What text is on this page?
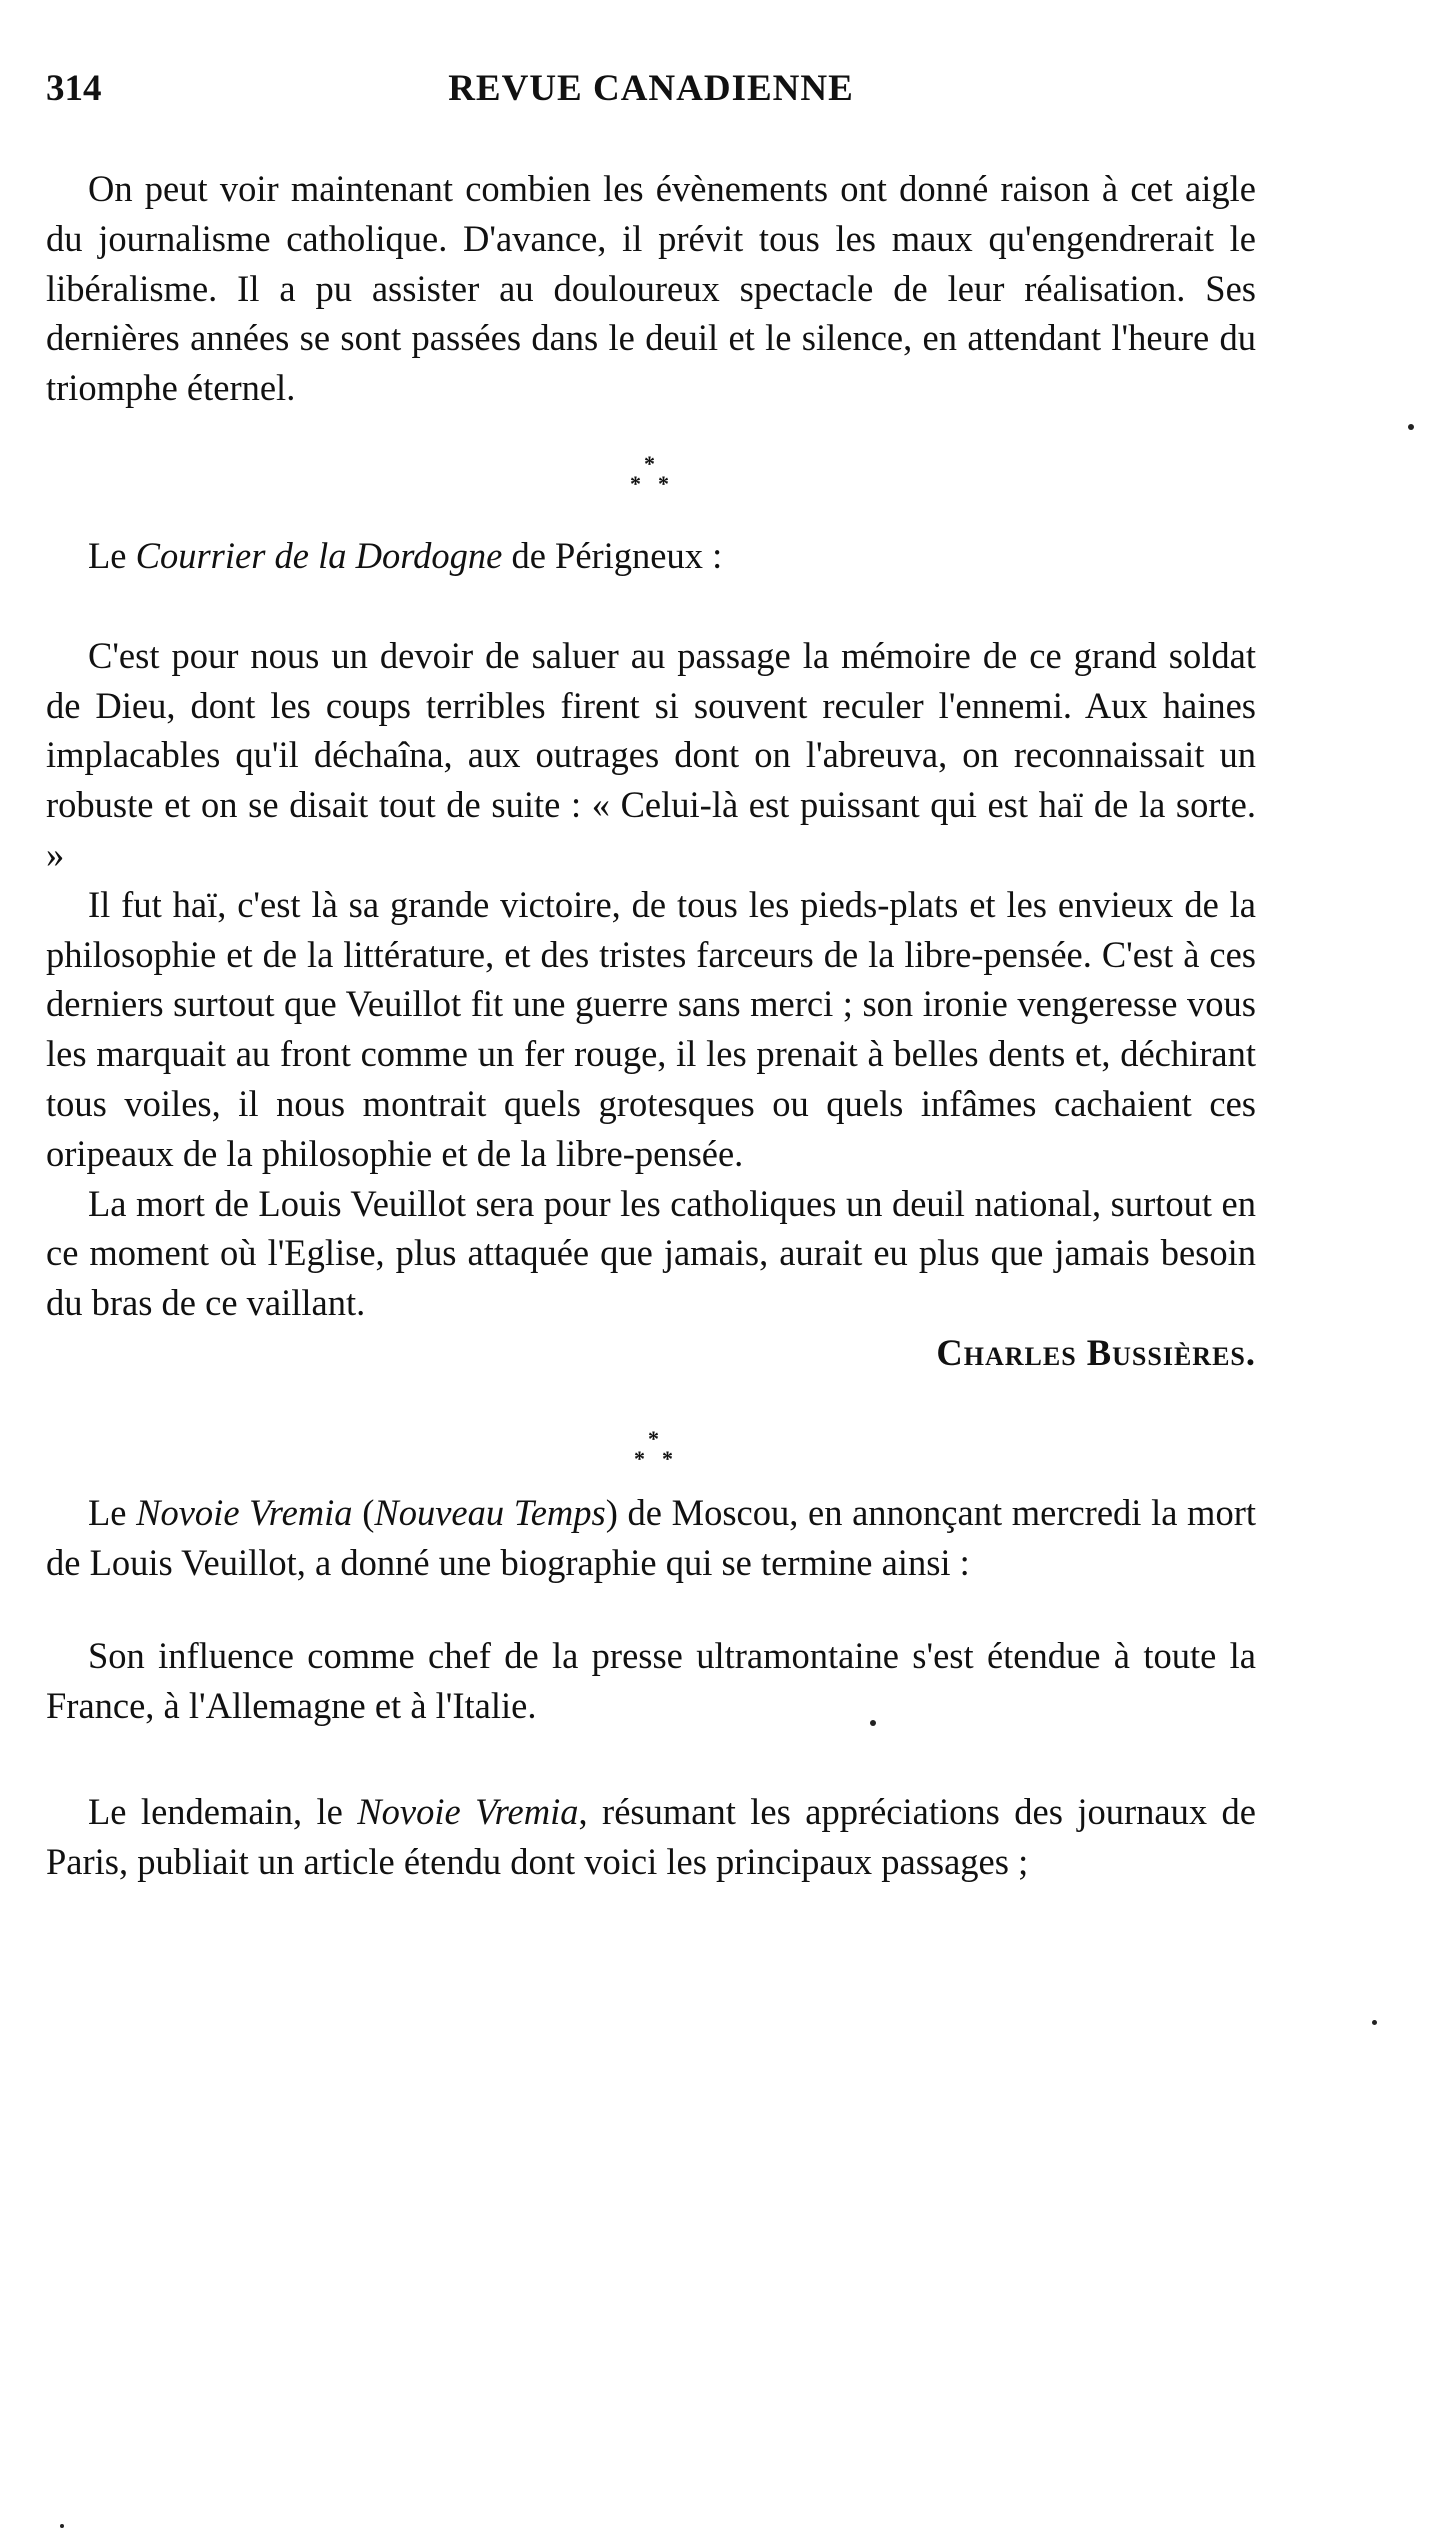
314	REVUE CANADIENNE

On peut voir maintenant combien les évènements ont donné raison à cet aigle du journalisme catholique. D'avance, il prévit tous les maux qu'engendrerait le libéralisme. Il a pu assister au douloureux spectacle de leur réalisation. Ses dernières années se sont passées dans le deuil et le silence, en attendant l'heure du triomphe éternel.

*
* *

Le Courrier de la Dordogne de Périgneux :

C'est pour nous un devoir de saluer au passage la mémoire de ce grand soldat de Dieu, dont les coups terribles firent si souvent reculer l'ennemi. Aux haines implacables qu'il déchaîna, aux outrages dont on l'abreuva, on reconnaissait un robuste et on se disait tout de suite : « Celui-là est puissant qui est haï de la sorte. »

Il fut haï, c'est là sa grande victoire, de tous les pieds-plats et les envieux de la philosophie et de la littérature, et des tristes farceurs de la libre-pensée. C'est à ces derniers surtout que Veuillot fit une guerre sans merci ; son ironie vengeresse vous les marquait au front comme un fer rouge, il les prenait à belles dents et, déchirant tous voiles, il nous montrait quels grotesques ou quels infâmes cachaient ces oripeaux de la philosophie et de la libre-pensée.

La mort de Louis Veuillot sera pour les catholiques un deuil national, surtout en ce moment où l'Eglise, plus attaquée que jamais, aurait eu plus que jamais besoin du bras de ce vaillant.

Charles Bussières.

*
* *

Le Novoie Vremia (Nouveau Temps) de Moscou, en annonçant mercredi la mort de Louis Veuillot, a donné une biographie qui se termine ainsi :

Son influence comme chef de la presse ultramontaine s'est étendue à toute la France, à l'Allemagne et à l'Italie.

Le lendemain, le Novoie Vremia, résumant les appréciations des journaux de Paris, publiait un article étendu dont voici les principaux passages ;
